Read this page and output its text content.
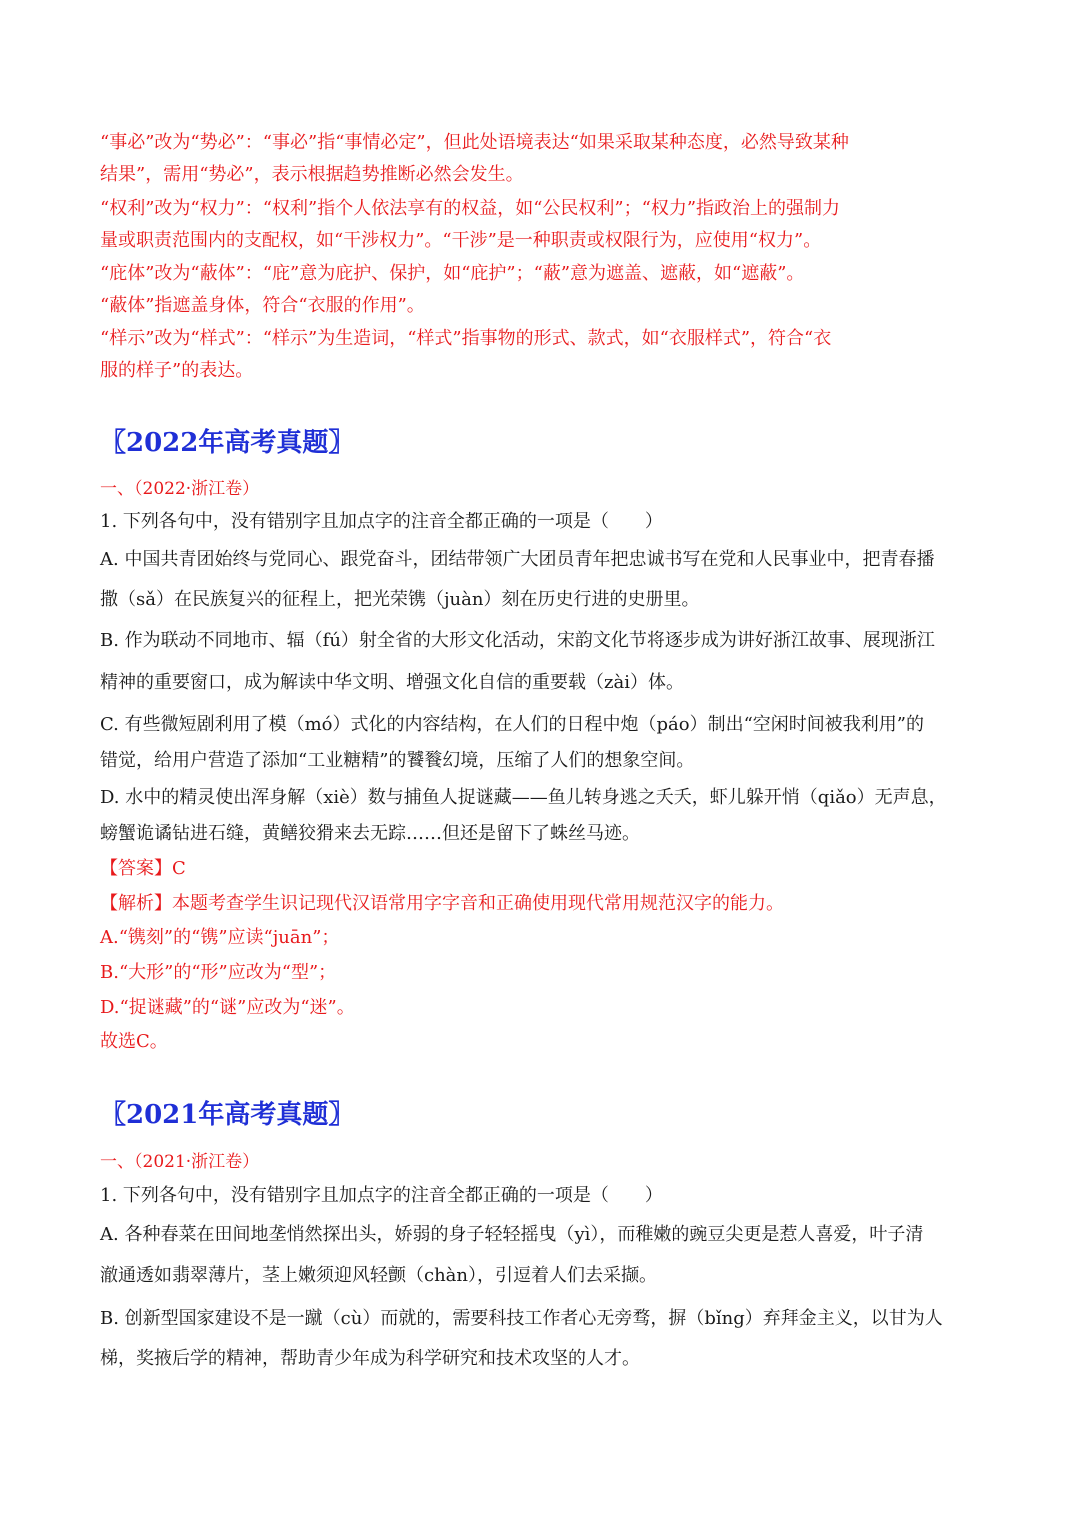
“事必”改为“势必”：“事必”指“事情必定”，但此处语境表达“如果采取某种态度，必然导致某种
结果”，需用“势必”，表示根据趋势推断必然会发生。
“权利”改为“权力”：“权利”指个人依法享有的权益，如“公民权利”；“权力”指政治上的强制力
量或职责范围内的支配权，如“干涉权力”。“干涉”是一种职责或权限行为，应使用“权力”。
“庇体”改为“蔽体”：“庇”意为庇护、保护，如“庇护”；“蔽”意为遮盖、遮蔽，如“遮蔽”。
“蔽体”指遮盖身体，符合“衣服的作用”。
“样示”改为“样式”：“样示”为生造词，“样式”指事物的形式、款式，如“衣服样式”，符合“衣
服的样子”的表达。
〖2022年高考真题〗
一、（2022·浙江卷）
1. 下列各句中，没有错别字且加点字的注音全都正确的一项是（　　）
A. 中国共青团始终与党同心、跟党奋斗，团结带领广大团员青年把忠诚书写在党和人民事业中，把青春播
撒（sǎ）在民族复兴的征程上，把光荣镌（juàn）刻在历史行进的史册里。
B. 作为联动不同地市、辐（fú）射全省的大形文化活动，宋韵文化节将逐步成为讲好浙江故事、展现浙江
精神的重要窗口，成为解读中华文明、增强文化自信的重要载（zài）体。
C. 有些微短剧利用了模（mó）式化的内容结构，在人们的日程中炮（páo）制出“空闲时间被我利用”的
错觉，给用户营造了添加“工业糖精”的饕餮幻境，压缩了人们的想象空间。
D. 水中的精灵使出浑身解（xiè）数与捕鱼人捉谜藏——鱼儿转身逃之夭夭，虾儿躲开悄（qiǎo）无声息，
螃蟹诡谲钻进石缝，黄鳝狡猾来去无踪……但还是留下了蛛丝马迹。
【答案】C
【解析】本题考查学生识记现代汉语常用字字音和正确使用现代常用规范汉字的能力。
A.“镌刻”的“镌”应读“juān”；
B.“大形”的“形”应改为“型”；
D.“捉谜藏”的“谜”应改为“迷”。
故选C。
〖2021年高考真题〗
一、（2021·浙江卷）
1. 下列各句中，没有错别字且加点字的注音全都正确的一项是（　　）
A. 各种春菜在田间地垄悄然探出头，娇弱的身子轻轻摇曳（yì），而稚嫩的豌豆尖更是惹人喜爱，叶子清
澈通透如翡翠薄片，茎上嫩须迎风轻颤（chàn），引逗着人们去采撷。
B. 创新型国家建设不是一蹴（cù）而就的，需要科技工作者心无旁骛，摒（bǐng）弃拜金主义，以甘为人
梯，奖掖后学的精神，帮助青少年成为科学研究和技术攻坚的人才。
